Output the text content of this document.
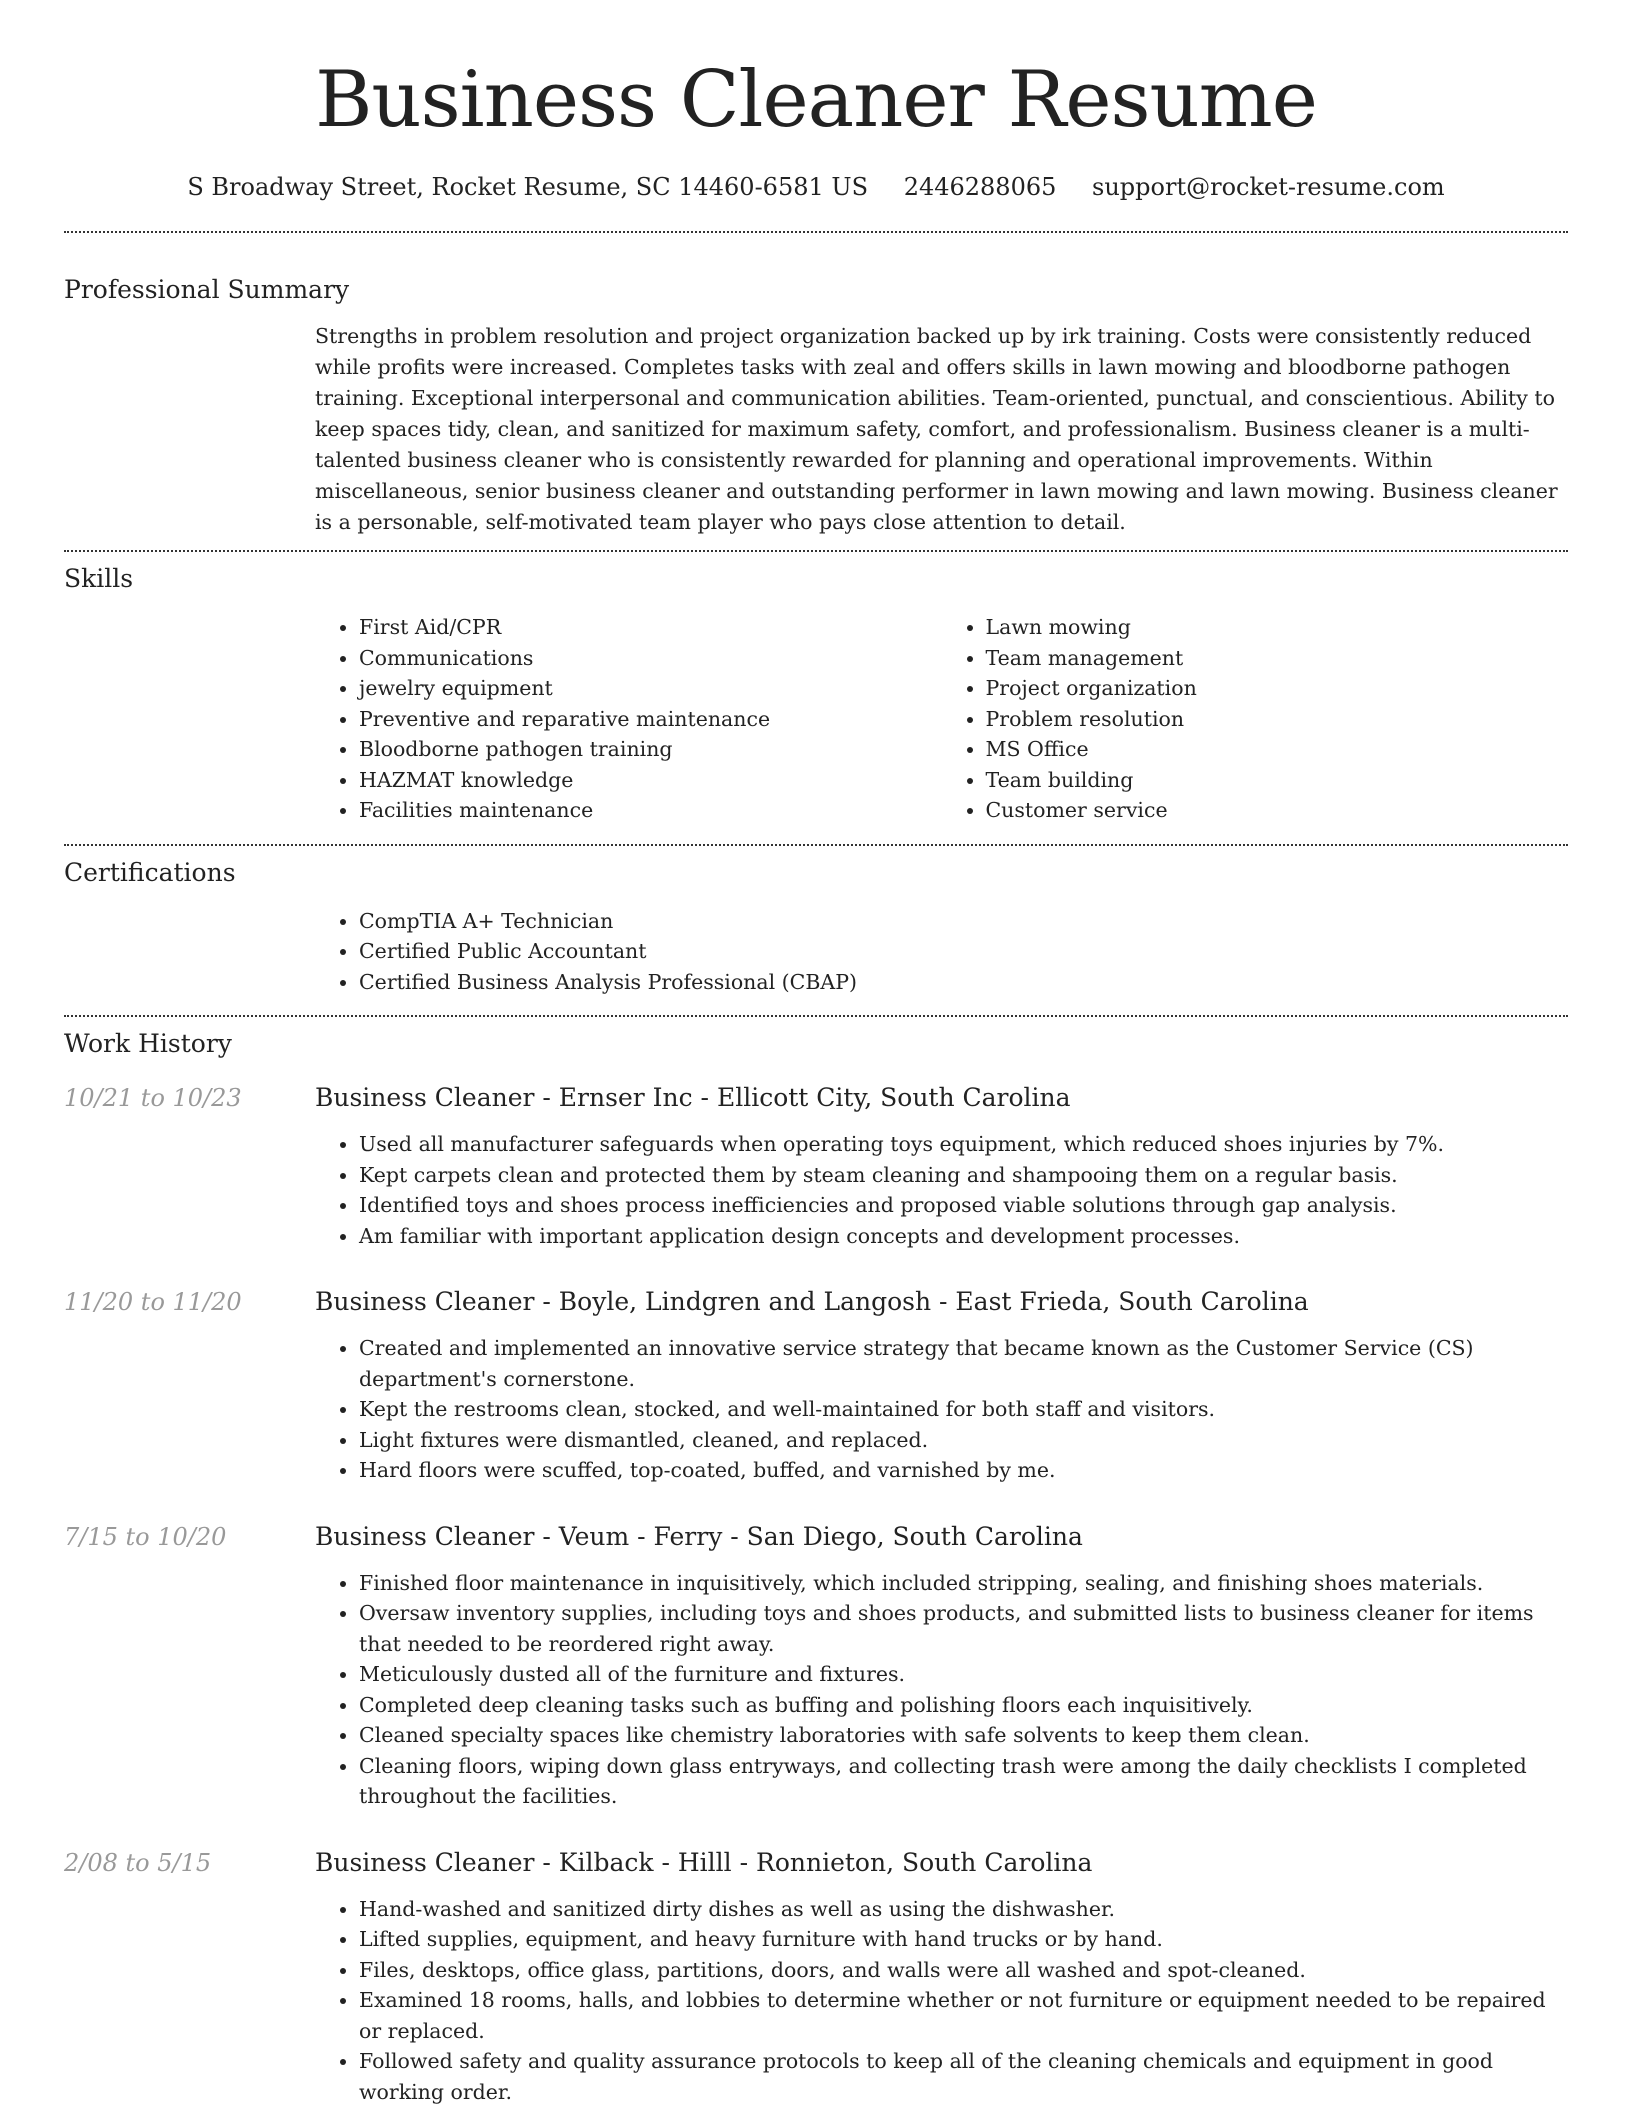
Business Cleaner Resume
S Broadway Street, Rocket Resume, SC 14460-6581 US 2446288065 support@rocket-resume.com
Professional Summary

Strengths in problem resolution and project organization backed up by irk training. Costs were consistently reduced while profits were increased. Completes tasks with zeal and offers skills in lawn mowing and bloodborne pathogen training. Exceptional interpersonal and communication abilities. Team-oriented, punctual, and conscientious. Ability to keep spaces tidy, clean, and sanitized for maximum safety, comfort, and professionalism. Business cleaner is a multi-talented business cleaner who is consistently rewarded for planning and operational improvements. Within miscellaneous, senior business cleaner and outstanding performer in lawn mowing and lawn mowing. Business cleaner is a personable, self-motivated team player who pays close attention to detail.

Skills
• First Aid/CPR
• Communications
• jewelry equipment
• Preventive and reparative maintenance
• Bloodborne pathogen training
• HAZMAT knowledge
• Facilities maintenance
• Lawn mowing
• Team management
• Project organization
• Problem resolution
• MS Office
• Team building
• Customer service
Certifications
• CompTIA A+ Technician
• Certified Public Accountant
• Certified Business Analysis Professional (CBAP)
Work History
10/21 to 10/23	Business Cleaner - Ernser Inc - Ellicott City, South Carolina
• Used all manufacturer safeguards when operating toys equipment, which reduced shoes injuries by 7%.
• Kept carpets clean and protected them by steam cleaning and shampooing them on a regular basis.
• Identified toys and shoes process inefficiencies and proposed viable solutions through gap analysis.
• Am familiar with important application design concepts and development processes.
11/20 to 11/20	Business Cleaner - Boyle, Lindgren and Langosh - East Frieda, South Carolina
• Created and implemented an innovative service strategy that became known as the Customer Service (CS) department's cornerstone.
• Kept the restrooms clean, stocked, and well-maintained for both staff and visitors.
• Light fixtures were dismantled, cleaned, and replaced.
• Hard floors were scuffed, top-coated, buffed, and varnished by me.
7/15 to 10/20	Business Cleaner - Veum - Ferry - San Diego, South Carolina
• Finished floor maintenance in inquisitively, which included stripping, sealing, and finishing shoes materials.
• Oversaw inventory supplies, including toys and shoes products, and submitted lists to business cleaner for items that needed to be reordered right away.
• Meticulously dusted all of the furniture and fixtures.
• Completed deep cleaning tasks such as buffing and polishing floors each inquisitively.
• Cleaned specialty spaces like chemistry laboratories with safe solvents to keep them clean.
• Cleaning floors, wiping down glass entryways, and collecting trash were among the daily checklists I completed throughout the facilities.
2/08 to 5/15	Business Cleaner - Kilback - Hilll - Ronnieton, South Carolina
• Hand-washed and sanitized dirty dishes as well as using the dishwasher.
• Lifted supplies, equipment, and heavy furniture with hand trucks or by hand.
• Files, desktops, office glass, partitions, doors, and walls were all washed and spot-cleaned.
• Examined 18 rooms, halls, and lobbies to determine whether or not furniture or equipment needed to be repaired or replaced.
• Followed safety and quality assurance protocols to keep all of the cleaning chemicals and equipment in good working order.
